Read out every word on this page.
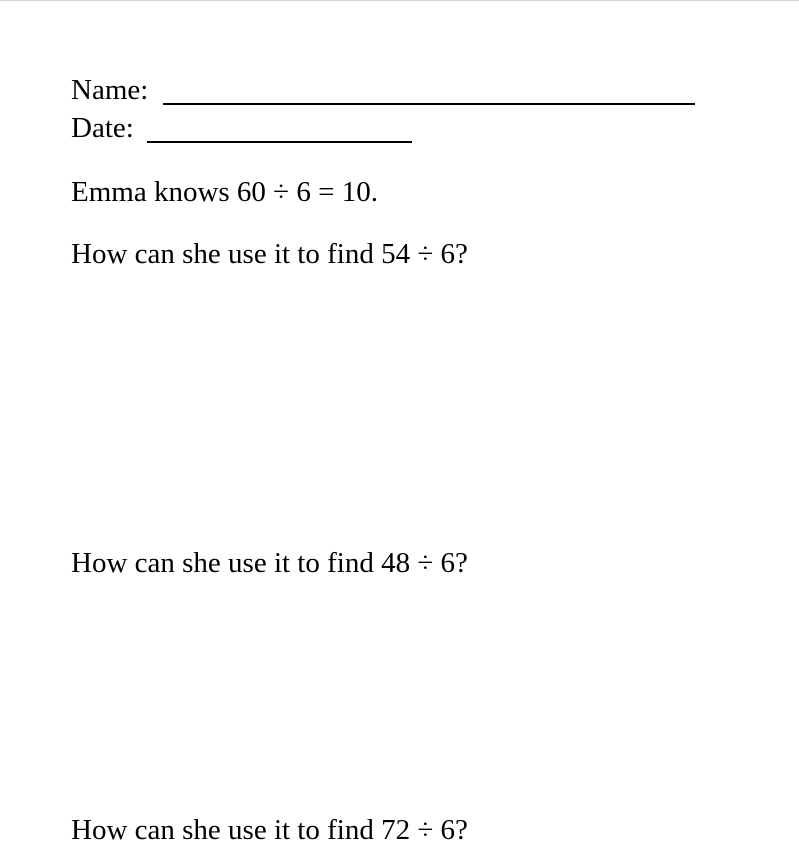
Name:
Date:
Emma knows 60 ÷ 6 = 10.
How can she use it to find 54 ÷ 6?
How can she use it to find 48 ÷ 6?
How can she use it to find 72 ÷ 6?
